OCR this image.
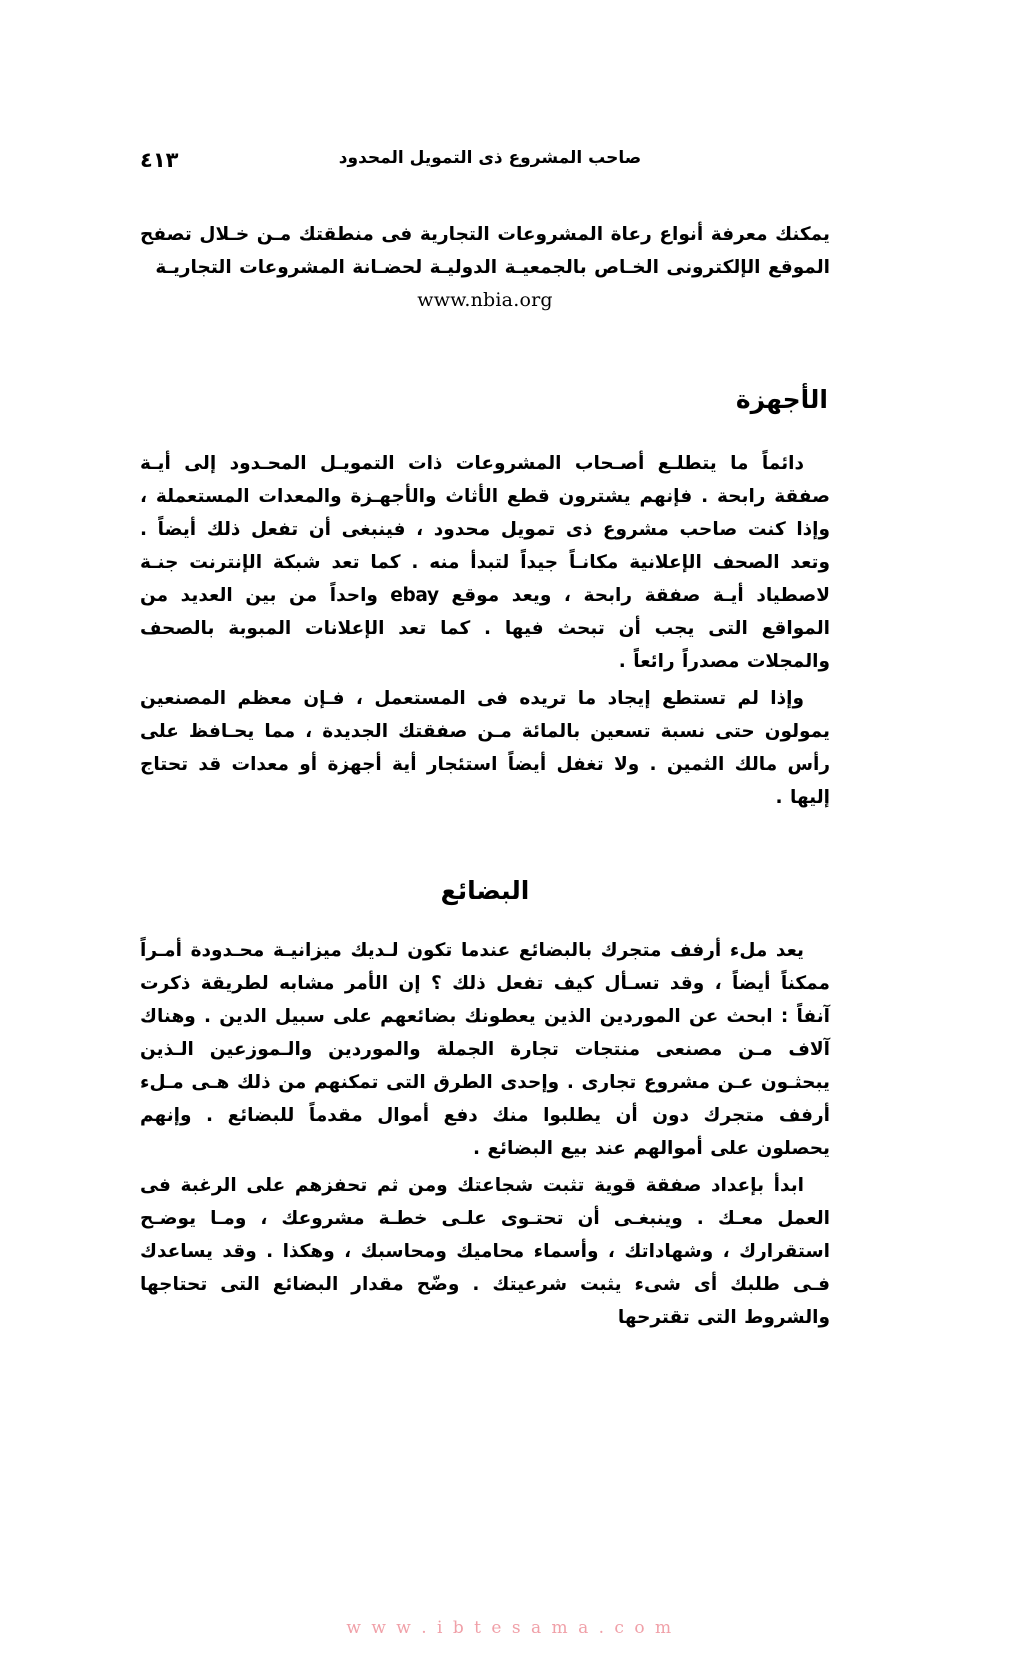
٤١٣	صاحب المشروع ذى التمويل المحدود

يمكنك معرفة أنواع رعاة المشروعات التجارية فى منطقتك مـن خـلال تصفح الموقع الإلكترونى الخـاص بالجمعيـة الدوليـة لحضـانة المشروعات التجاريـة

www.nbia.org
الأجهزة

دائماً ما يتطلـع أصـحاب المشروعات ذات التمويـل المحـدود إلى أيـة صفقة رابحة . فإنهم يشترون قطع الأثاث والأجهـزة والمعدات المستعملة ، وإذا كنت صاحب مشروع ذى تمويل محدود ، فينبغى أن تفعل ذلك أيضاً . وتعد الصحف الإعلانية مكانـاً جيداً لتبدأ منه . كما تعد شبكة الإنترنت جنـة لاصطياد أيـة صفقة رابحة ، ويعد موقع ebay واحداً من بين العديد من المواقع التى يجب أن تبحث فيها . كما تعد الإعلانات المبوبة بالصحف والمجلات مصدراً رائعاً .

وإذا لم تستطع إيجاد ما تريده فى المستعمل ، فـإن معظم المصنعين يمولون حتى نسبة تسعين بالمائة مـن صفقتك الجديدة ، مما يحـافظ على رأس مالك الثمين . ولا تغفل أيضاً استئجار أية أجهزة أو معدات قد تحتاج إليها .

البضائع

يعد ملء أرفف متجرك بالبضائع عندما تكون لـديك ميزانيـة محـدودة أمـراً ممكناً أيضاً ، وقد تسـأل كيف تفعل ذلك ؟ إن الأمر مشابه لطريقة ذكرت آنفاً : ابحث عن الموردين الذين يعطونك بضائعهم على سبيل الدين . وهناك آلاف مـن مصنعى منتجات تجارة الجملة والموردين والـموزعين الـذين يبحثـون عـن مشروع تجارى . وإحدى الطرق التى تمكنهم من ذلك هـى مـلء أرفف متجرك دون أن يطلبوا منك دفع أموال مقدماً للبضائع . وإنهم يحصلون على أموالهم عند بيع البضائع .

ابدأ بإعداد صفقة قوية تثبت شجاعتك ومن ثم تحفزهم على الرغبة فى العمل معـك . وينبغـى أن تحتـوى علـى خطـة مشروعك ، ومـا يوضـح استقرارك ، وشهاداتك ، وأسماء محاميك ومحاسبك ، وهكذا . وقد يساعدك فـى طلبك أى شىء يثبت شرعيتك . وضّح مقدار البضائع التى تحتاجها والشروط التى تقترحها

w w w . i b t e s a m a . c o m
